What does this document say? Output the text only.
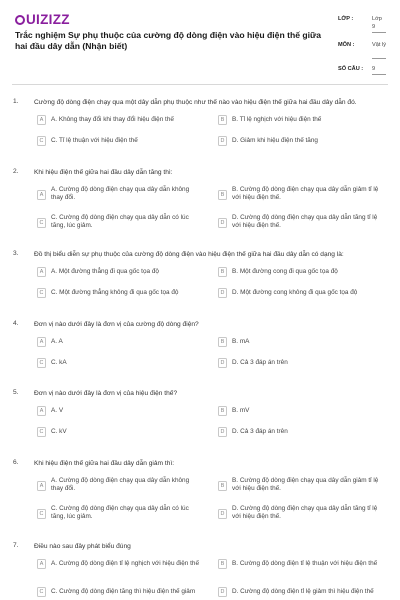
UIZIZZ
Trắc nghiệm Sự phụ thuộc của cường độ dòng điện vào hiệu điện thế giữa hai đầu dây dẫn (Nhận biết)
LỚP :	Lớp 9
MÔN :	Vật lý
SỐ CÂU : 9
1. Cường độ dòng điện chạy qua một dây dẫn phụ thuộc như thế nào vào hiệu điện thế giữa hai đầu dây dẫn đó.
A	A. Không thay đổi khi thay đổi hiệu điện thế	B	B. Tỉ lệ nghịch với hiệu điện thế
C	C. Tỉ lệ thuận với hiệu điện thế	D	D. Giảm khi hiệu điện thế tăng
2. Khi hiệu điện thế giữa hai đầu dây dẫn tăng thì:
A
A. Cường độ dòng điện chạy qua dây dẫn không thay đổi.	B
B. Cường độ dòng điện chạy qua dây dẫn giảm tỉ lệ với hiệu điện thế.
C
C. Cường độ dòng điện chạy qua dây dẫn có lúc tăng, lúc giảm.	D
D. Cường độ dòng điện chạy qua dây dẫn tăng tỉ lệ với hiệu điện thế.
3. Đồ thị biểu diễn sự phụ thuộc của cường độ dòng điện vào hiệu điện thế giữa hai đầu dây dẫn có dạng là:
A	A. Một đường thẳng đi qua gốc tọa độ	B	B. Một đường cong đi qua gốc tọa độ
C	C. Một đường thẳng không đi qua gốc tọa độ	D	D. Một đường cong không đi qua gốc tọa độ
4. Đơn vị nào dưới đây là đơn vị của cường độ dòng điện?
A	A. A	B	B. mA
C	C. kA	D	D. Cả 3 đáp án trên
5. Đơn vị nào dưới đây là đơn vị của hiệu điện thế?
A	A. V	B	B. mV
C	C. kV	D	D. Cả 3 đáp án trên
6. Khi hiệu điện thế giữa hai đầu dây dẫn giảm thì:
A
A. Cường độ dòng điện chạy qua dây dẫn không thay đổi.	B
B. Cường độ dòng điện chạy qua dây dẫn giảm tỉ lệ với hiệu điện thế.
C
C. Cường độ dòng điện chạy qua dây dẫn có lúc tăng, lúc giảm.	D
D. Cường độ dòng điện chạy qua dây dẫn tăng tỉ lệ với hiệu điện thế.
7. Điều nào sau đây phát biểu đúng
A	A. Cường độ dòng điện tỉ lệ nghịch với hiệu điện thế	B	B. Cường độ dòng điện tỉ lệ thuận với hiệu điện thế
C	C. Cường độ dòng điện tăng thì hiệu điện thế giảm	D	D. Cường độ dòng điện tỉ lệ giảm thì hiệu điện thế
